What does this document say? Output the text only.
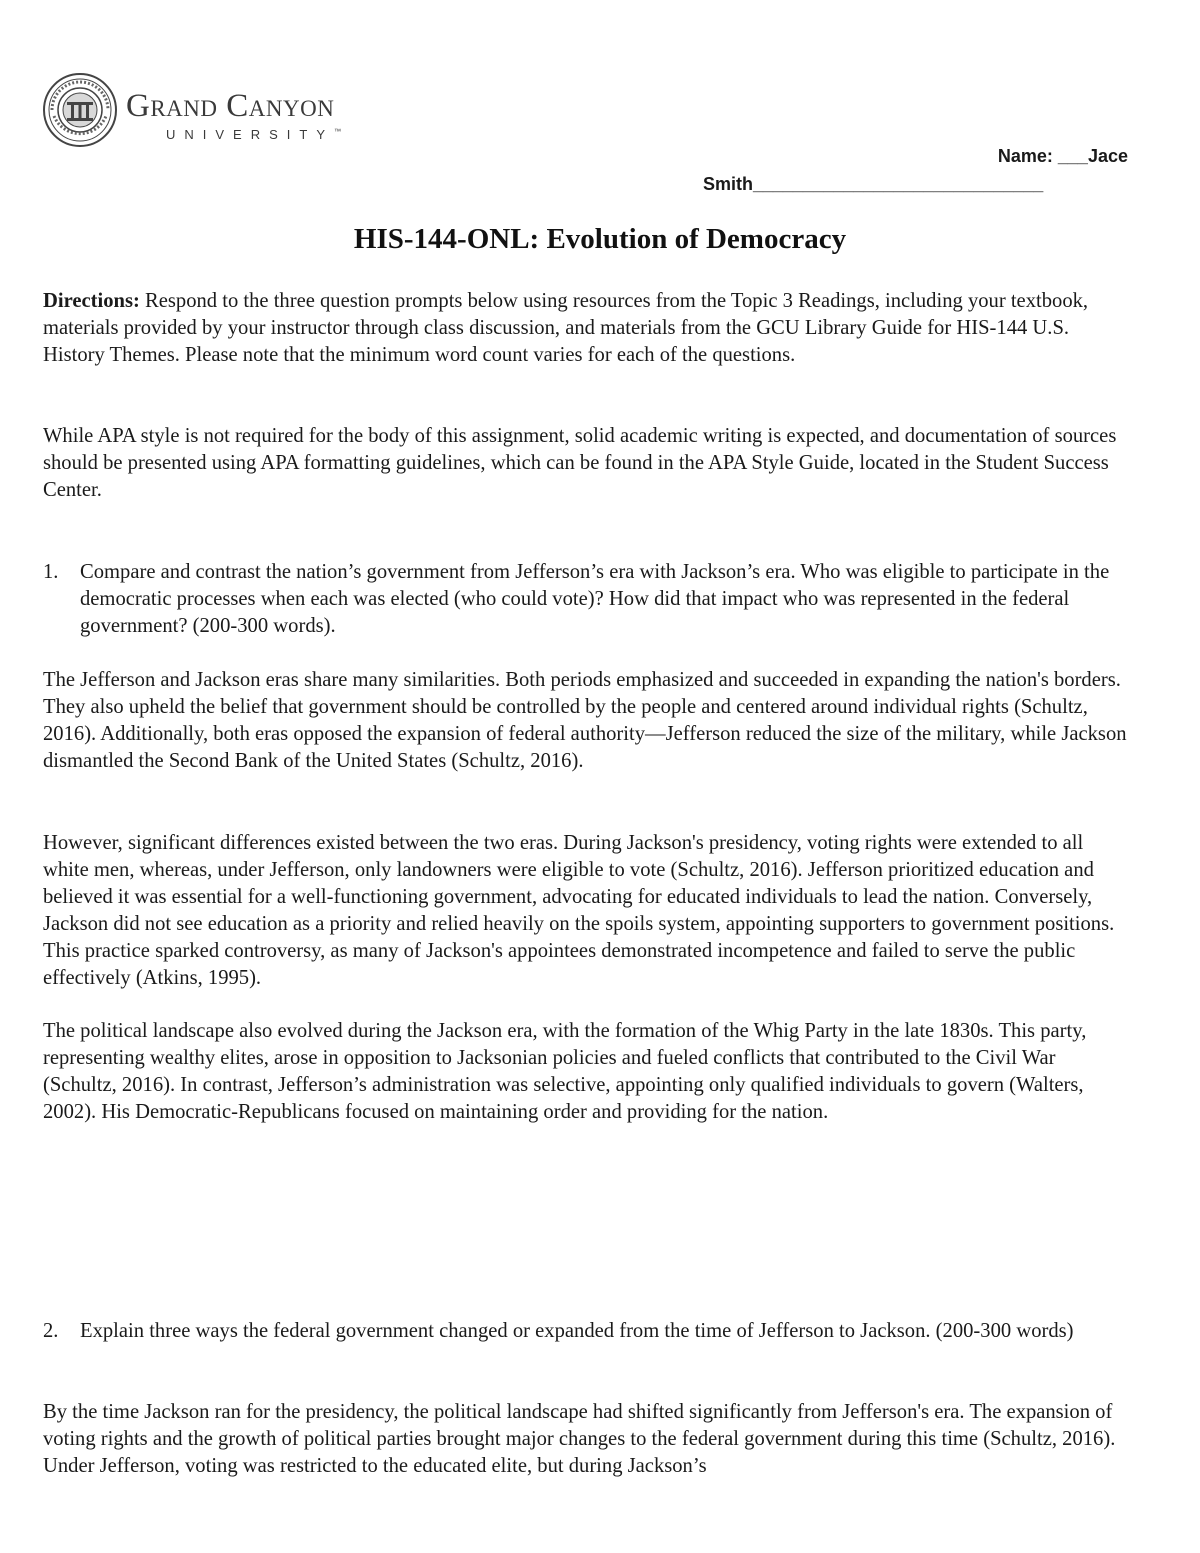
Grand Canyon
UNIVERSITY™
Name: ___Jace
Smith_____________________________
HIS-144-ONL: Evolution of Democracy

Directions: Respond to the three question prompts below using resources from the Topic 3 Readings, including your textbook, materials provided by your instructor through class discussion, and materials from the GCU Library Guide for HIS-144 U.S. History Themes. Please note that the minimum word count varies for each of the questions.

While APA style is not required for the body of this assignment, solid academic writing is expected, and documentation of sources should be presented using APA formatting guidelines, which can be found in the APA Style Guide, located in the Student Success Center.

1.	Compare and contrast the nation’s government from Jefferson’s era with Jackson’s era. Who was eligible to participate in the democratic processes when each was elected (who could vote)? How did that impact who was represented in the federal government? (200-300 words).

The Jefferson and Jackson eras share many similarities. Both periods emphasized and succeeded in expanding the nation's borders. They also upheld the belief that government should be controlled by the people and centered around individual rights (Schultz, 2016). Additionally, both eras opposed the expansion of federal authority—Jefferson reduced the size of the military, while Jackson dismantled the Second Bank of the United States (Schultz, 2016).

However, significant differences existed between the two eras. During Jackson's presidency, voting rights were extended to all white men, whereas, under Jefferson, only landowners were eligible to vote (Schultz, 2016). Jefferson prioritized education and believed it was essential for a well-functioning government, advocating for educated individuals to lead the nation. Conversely, Jackson did not see education as a priority and relied heavily on the spoils system, appointing supporters to government positions. This practice sparked controversy, as many of Jackson's appointees demonstrated incompetence and failed to serve the public effectively (Atkins, 1995).

The political landscape also evolved during the Jackson era, with the formation of the Whig Party in the late 1830s. This party, representing wealthy elites, arose in opposition to Jacksonian policies and fueled conflicts that contributed to the Civil War (Schultz, 2016). In contrast, Jefferson’s administration was selective, appointing only qualified individuals to govern (Walters, 2002). His Democratic-Republicans focused on maintaining order and providing for the nation.

2.	Explain three ways the federal government changed or expanded from the time of Jefferson to Jackson. (200-300 words)

By the time Jackson ran for the presidency, the political landscape had shifted significantly from Jefferson's era. The expansion of voting rights and the growth of political parties brought major changes to the federal government during this time (Schultz, 2016). Under Jefferson, voting was restricted to the educated elite, but during Jackson’s
